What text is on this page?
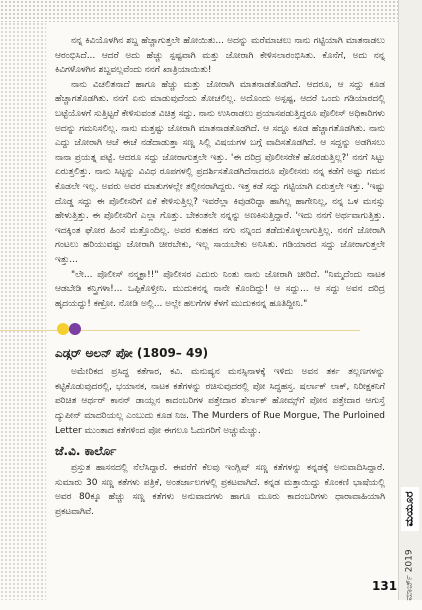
ಮಯೂರ
ಮಾರ್ಚ್ 2019
131

ನನ್ನ ಕಿವಿಯೊಳಗಿನ ಶಬ್ದ ಹೆಚ್ಚಾಗುತ್ತಲೇ ಹೋಯಿತು... ಅದನ್ನು ಮರೆಮಾಚಲು ನಾನು ಗಟ್ಟಿಯಾಗಿ ಮಾತನಾಡಲು ಆರಂಭಿಸಿದೆ... ಆದರೆ ಅದು ಹೆಚ್ಚು ಸ್ಪಷ್ಟವಾಗಿ ಮತ್ತು ಜೋರಾಗಿ ಕೇಳಿಸಲಾರಂಭಿಸಿತು. ಕೊನೆಗೆ, ಅದು ನನ್ನ ಕಿವಿಗಳೊಳಗಿನ ಶಬ್ದವಲ್ಲವೆಂದು ನನಗೆ ಖಾತ್ರಿಯಾಯಿತು!

ನಾನು ವಿಚಲಿತನಾದೆ ಹಾಗೂ ಹೆಚ್ಚು ಮತ್ತು ಜೋರಾಗಿ ಮಾತನಾಡತೊಡಗಿದೆ. ಆದರೂ, ಆ ಸದ್ದು ಕೂಡ ಹೆಚ್ಚಾಗತೊಡಗಿತು. ನನಗೆ ಏನು ಮಾಡುವುದೆಂದು ತೋಚಲಿಲ್ಲ. ಅದೊಂದು ಅಸ್ಪಷ್ಟ, ಆದರೆ ಒಂದು ಗಡಿಯಾರದಲ್ಲಿ ಬಟ್ಟೆಯೊಳಗೆ ಸುತ್ತಿಟ್ಟರೆ ಕೇಳಿಸುವಂತ ವಿಚಿತ್ರ ಸದ್ದು. ನಾನು ಉಸಿರಾಡಲು ಪ್ರಯಾಸಪಡುತ್ತಿದ್ದರೂ ಪೊಲೀಸ್ ಅಧಿಕಾರಿಗಳು ಅದನ್ನು ಗಮನಿಸಲಿಲ್ಲ. ನಾನು ಮತ್ತಷ್ಟು ಜೋರಾಗಿ ಮಾತನಾಡತೊಡಗಿದೆ. ಆ ಸದ್ದೂ ಕೂಡ ಹೆಚ್ಚಾಗತೊಡಗಿತು. ನಾನು ಎದ್ದು ಜೋರಾಗಿ ಆಚೆ ಈಚೆ ನಡೆದಾಡುತ್ತಾ ಸಣ್ಣ ಸಿಲ್ಲಿ ವಿಷಯಗಳ ಬಗ್ಗೆ ವಾದಿಸತೊಡಗಿದೆ. ಆ ಸದ್ದನ್ನು ಅಡಗಿಸಲು ನಾನಾ ಪ್ರಯತ್ನ ಪಟ್ಟೆ. ಆದರೂ ಸದ್ದು ಜೋರಾಗುತ್ತಲೇ ಇತ್ತು. 'ಈ ದರಿದ್ರ ಪೊಲೀಸರೇಕೆ ಹೊರಡುತ್ತಿಲ್ಲ?' ನನಗೆ ಸಿಟ್ಟು ಏರುತ್ತಲಿತ್ತು. ನಾನು ಸಿಟ್ಟನ್ನು ವಿವಿಧ ರೂಪಗಳಲ್ಲಿ ಪ್ರದರ್ಶಿಸತೊಡಗಿದೆನಾದರೂ ಪೊಲೀಸರು ನನ್ನ ಕಡೆಗೆ ಅಷ್ಟು ಗಮನ ಕೊಡಲೇ ಇಲ್ಲ. ಅವರು ಅವರ ಮಾತುಗಳಲ್ಲೇ ತಲ್ಲೀನರಾಗಿದ್ದರು. ಇತ್ತ ಕಡೆ ಸದ್ದು ಗಟ್ಟಿಯಾಗಿ ಏರುತ್ತಲೇ ಇತ್ತು. 'ಇಷ್ಟು ದೊಡ್ಡ ಸದ್ದು ಈ ಪೊಲೀಸರಿಗೆ ಏಕೆ ಕೇಳಿಸುತ್ತಿಲ್ಲ? ಇವರೆಲ್ಲಾ ಕಿವುಡರಿದ್ದಾ ಹಾಗಿಲ್ಲ ಹಾಗೇನಿಲ್ಲ, ನನ್ನ ಒಳ ಮನಸ್ಸು ಹೇಳುತ್ತಿತ್ತು. ಈ ಪೊಲೀಸರಿಗೆ ಎಲ್ಲಾ ಗೊತ್ತು. ಬೇಕಂತಲೇ ನನ್ನನ್ನು ಅಣಕಿಸುತ್ತಿದ್ದಾರೆ. 'ಇದು ನನಗೆ ಅರ್ಥವಾಗುತ್ತಿತ್ತು. ಇದಕ್ಕಿಂತ ಘೋರ ಹಿಂಸೆ ಮತ್ತೊಂದಿಲ್ಲ. ಅವರ ಕುಹಕದ ನಗು ನನ್ನಿಂದ ತಡೆದುಕೊಳ್ಳಲಾಗುತ್ತಿಲ್ಲ. ನನಗೆ ಜೋರಾಗಿ ಗಂಟಲು ಹರಿಯುವಷ್ಟು ಜೋರಾಗಿ ಚೀರಬೇಕು, ಇಲ್ಲ ಸಾಯಬೇಕು ಅನಿಸಿತು. ಗಡಿಯಾರದ ಸದ್ದು ಜೋರಾಗುತ್ತಲೇ ಇತ್ತು...

"ಲೇ... ಪೊಲೀಸ್ ನನ್ಮಕ್ಳಾ!!" ಪೊಲೀಸರ ಎದುರು ನಿಂತು ನಾನು ಜೋರಾಗಿ ಚೀರಿದೆ. "ನಿಮ್ಮದೆಂದು ನಾಟಕ ಆಡಬೇಡಿ ಕನ್ತ್ರಿಗಳಾ!... ಒಪ್ಪಿಕೊಳ್ತೀನಿ. ಮುದುಕನನ್ನ ನಾನೇ ಕೊಂದಿದ್ದು! ಆ ಸದ್ದು... ಆ ಸದ್ದು ಅವನ ದರಿದ್ರ ಹೃದಯದ್ದು! ಕಣ್ರೋ. ನೋಡಿ ಅಲ್ಲಿ... ಅಲ್ಲೇ ಹಲಗೆಗಳ ಕೆಳಗೆ ಮುದುಕನನ್ನ ಹೂತಿದ್ದೀನಿ."

ಎಡ್ಗರ್ ಅಲನ್ ಪೋ (1809– 49)

ಅಮೇರಿಕದ ಪ್ರಸಿದ್ಧ ಕತೆಗಾರ, ಕವಿ. ಮನುಷ್ಯನ ಮನಸ್ಸಿನಾಳಕ್ಕೆ ಇಳಿದು ಅವನ ತರ್ಕ ತಲ್ಲಣಗಳನ್ನು ಕಟ್ಟಿಕೊಡುವುದರಲ್ಲಿ, ಭಯಾನಕ, ನಾಟಕ ಕತೆಗಳನ್ನು ರಚಿಸುವುದರಲ್ಲಿ ಪೋ ಸಿದ್ಧಹಸ್ತ. ಷರ್ಲಾಕ್ ಲಾಕ್, ನಿರೀಕ್ಷಕನಿಗೆ ಪರಿಚಿತ ಆರ್ಥರ್ ಕಾನನ್ ಡಾಯ್ಲನ ಕಾದಂಬರಿಗಳ ಪತ್ತೇದಾರ ಶೆರ್ಲಾಕ್ ಹೋಮ್ಸ್‌ಗೆ ಪೋನ ಪತ್ತೇದಾರ ಆಗುಸ್ತೆ ದ್ಯುಪೀನ್ ಮಾದರಿಯಲ್ಲ ಎಂಬುದು ಕೂಡ ನಿಜ. The Murders of Rue Morgue, The Purloined Letter ಮುಂತಾದ ಕತೆಗಳಿಂದ ಪೋ ಈಗಲೂ ಓದುಗರಿಗೆ ಅಚ್ಚುಮೆಚ್ಚು.

ಜೆ.ವಿ. ಕಾರ್ಲೊ

ಪ್ರಸ್ತುತ ಹಾಸನದಲ್ಲಿ ನೆಲೆಸಿದ್ದಾರೆ. ಈವರೆಗೆ ಕೆಲವು ಇಂಗ್ಲಿಷ್ ಸಣ್ಣ ಕತೆಗಳನ್ನು ಕನ್ನಡಕ್ಕೆ ಅನುವಾದಿಸಿದ್ದಾರೆ. ಸುಮಾರು 30 ಸಣ್ಣ ಕತೆಗಳು ಪತ್ರಿಕೆ, ಅಂತರ್ಜಾಲಗಳಲ್ಲಿ ಪ್ರಕಟವಾಗಿದೆ. ಕನ್ನಡ ಮತ್ತಾಯಿದ್ದು ಕೊಂಕಣಿ ಭಾಷೆಯಲ್ಲಿ ಅವರ 80ಕ್ಕೂ ಹೆಚ್ಚು ಸಣ್ಣ ಕತೆಗಳು ಅನುವಾದಗಳು ಹಾಗೂ ಮೂರು ಕಾದಂಬರಿಗಳು ಧಾರಾವಾಹಿಯಾಗಿ ಪ್ರಕಟವಾಗಿವೆ.
